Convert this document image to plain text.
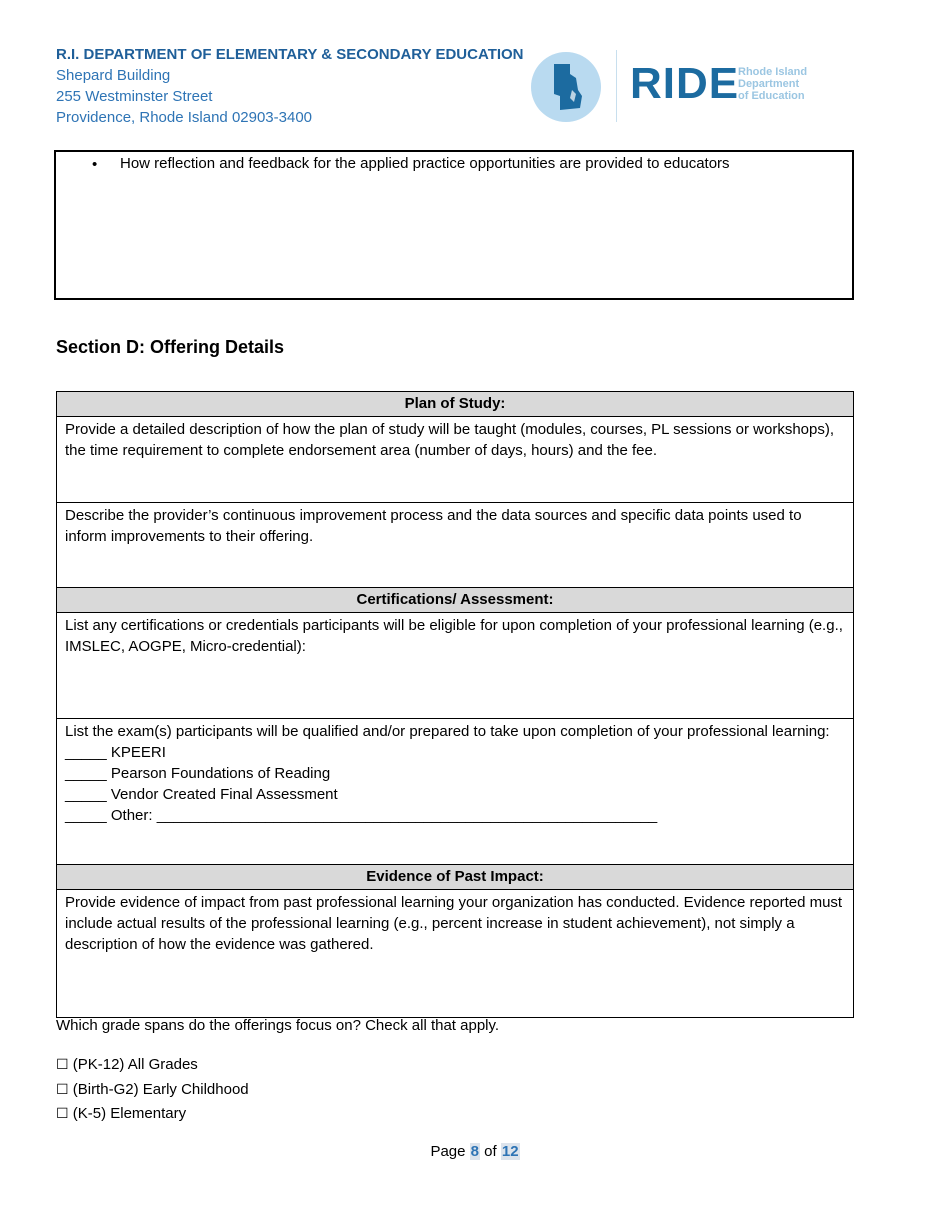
R.I. DEPARTMENT OF ELEMENTARY & SECONDARY EDUCATION
Shepard Building
255 Westminster Street
Providence, Rhode Island 02903-3400
RIDE
Rhode Island
Department
of Education
• How reflection and feedback for the applied practice opportunities are provided to educators
Section D: Offering Details
Plan of Study:
Provide a detailed description of how the plan of study will be taught (modules, courses, PL sessions or workshops), the time requirement to complete endorsement area (number of days, hours) and the fee.
Describe the provider’s continuous improvement process and the data sources and specific data points used to inform improvements to their offering.
Certifications/ Assessment:
List any certifications or credentials participants will be eligible for upon completion of your professional learning (e.g., IMSLEC, AOGPE, Micro-credential):
List the exam(s) participants will be qualified and/or prepared to take upon completion of your professional learning:
_____ KPEERI
_____ Pearson Foundations of Reading
_____ Vendor Created Final Assessment
_____ Other: ____________________________________________________________
Evidence of Past Impact:
Provide evidence of impact from past professional learning your organization has conducted. Evidence reported must include actual results of the professional learning (e.g., percent increase in student achievement), not simply a description of how the evidence was gathered.
Which grade spans do the offerings focus on? Check all that apply.
☐ (PK-12) All Grades
☐ (Birth-G2) Early Childhood
☐ (K-5) Elementary
Page 8 of 12
